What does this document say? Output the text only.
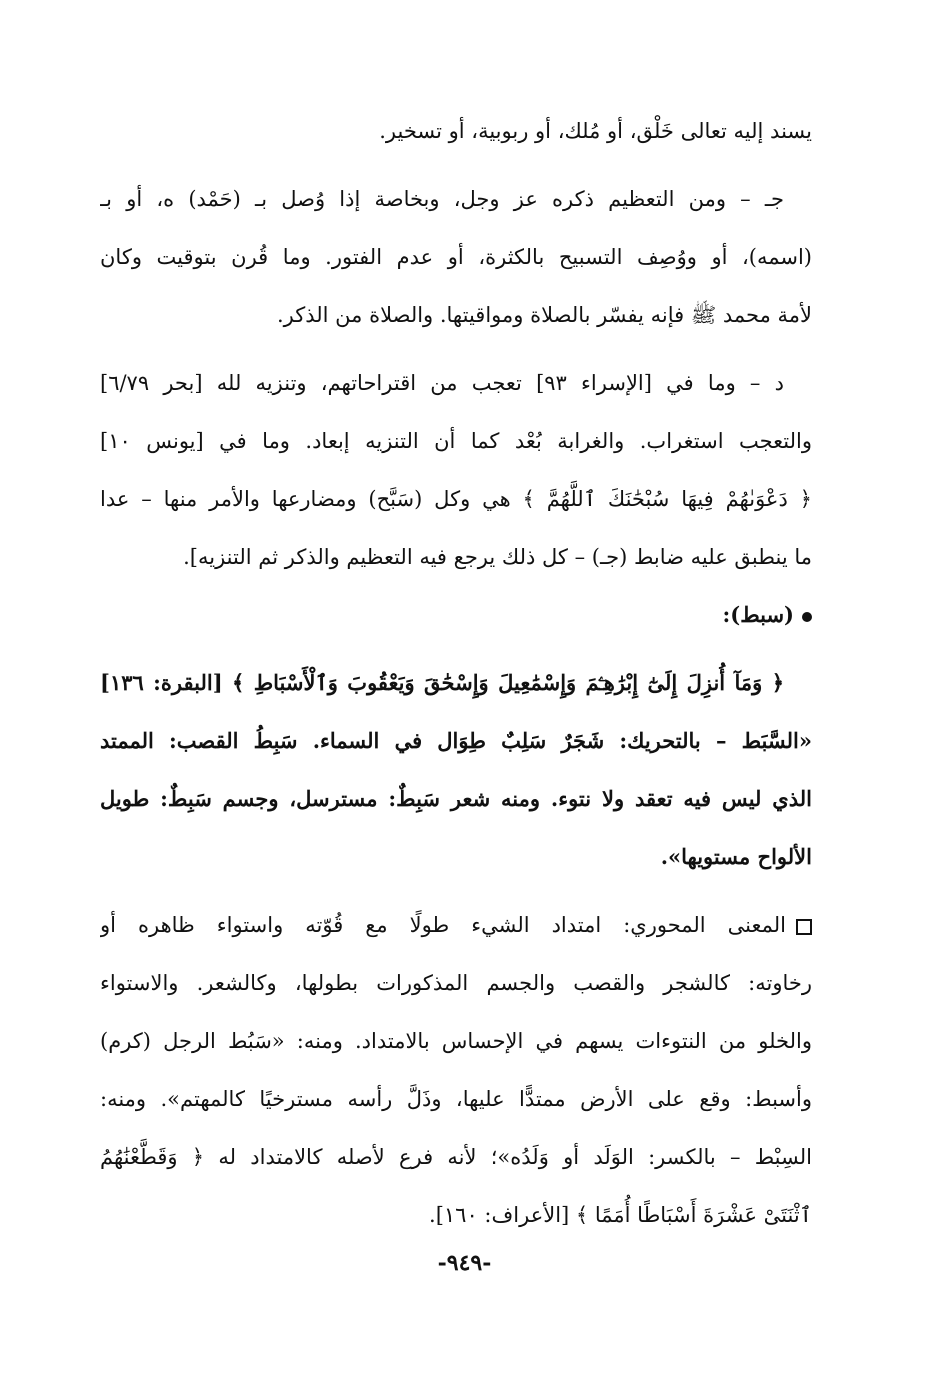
يسند إليه تعالى خَلْق، أو مُلك، أو ربوبية، أو تسخير.
جـ – ومن التعظيم ذكره عز وجل، وبخاصة إذا وُصل بـ (حَمْد) ه، أو بـ
(اسمه)، أو ووُصِف التسبيح بالكثرة، أو عدم الفتور. وما قُرن بتوقيت وكان
لأمة محمد ﷺ فإنه يفسّر بالصلاة ومواقيتها. والصلاة من الذكر.
د – وما في [الإسراء ٩٣] تعجب من اقتراحاتهم، وتنزيه لله [بحر ٦/٧٩]
والتعجب استغراب. والغرابة بُعْد كما أن التنزيه إبعاد. وما في [يونس ١٠]
﴿ دَعْوَىٰهُمْ فِيهَا سُبْحَٰنَكَ ٱللَّهُمَّ ﴾ هي وكل (سَبَّح) ومضارعها والأمر منها – عدا
ما ينطبق عليه ضابط (جـ) – كل ذلك يرجع فيه التعظيم والذكر ثم التنزيه].
(سبط):
﴿ وَمَآ أُنزِلَ إِلَىٰٓ إِبْرَٰهِـۧمَ وَإِسْمَٰعِيلَ وَإِسْحَٰقَ وَيَعْقُوبَ وَٱلْأَسْبَاطِ ﴾ [البقرة: ١٣٦]
«السَّبَط – بالتحريك: شَجَرٌ سَلِبٌ طِوَال في السماء. سَبِطُ القصب: الممتد
الذي ليس فيه تعقد ولا نتوء. ومنه شعر سَبِطٌ: مسترسل، وجسم سَبِطٌ: طويل
الألواح مستويها».
المعنى المحوري: امتداد الشيء طولًا مع قُوّته واستواء ظاهره أو
رخاوته: كالشجر والقصب والجسم المذكورات بطولها، وكالشعر. والاستواء
والخلو من النتوءات يسهم في الإحساس بالامتداد. ومنه: «سَبُط الرجل (كرم)
وأسبط: وقع على الأرض ممتدًّا عليها، وذَلَّ رأسه مسترخيًا كالمهتم». ومنه:
السِبْط – بالكسر: الوَلَد أو وَلَدُه»؛ لأنه فرع لأصله كالامتداد له ﴿ وَقَطَّعْنَٰهُمُ
ٱثْنَتَىْ عَشْرَةَ أَسْبَاطًا أُمَمًا ﴾ [الأعراف: ١٦٠].
-٩٤٩-
